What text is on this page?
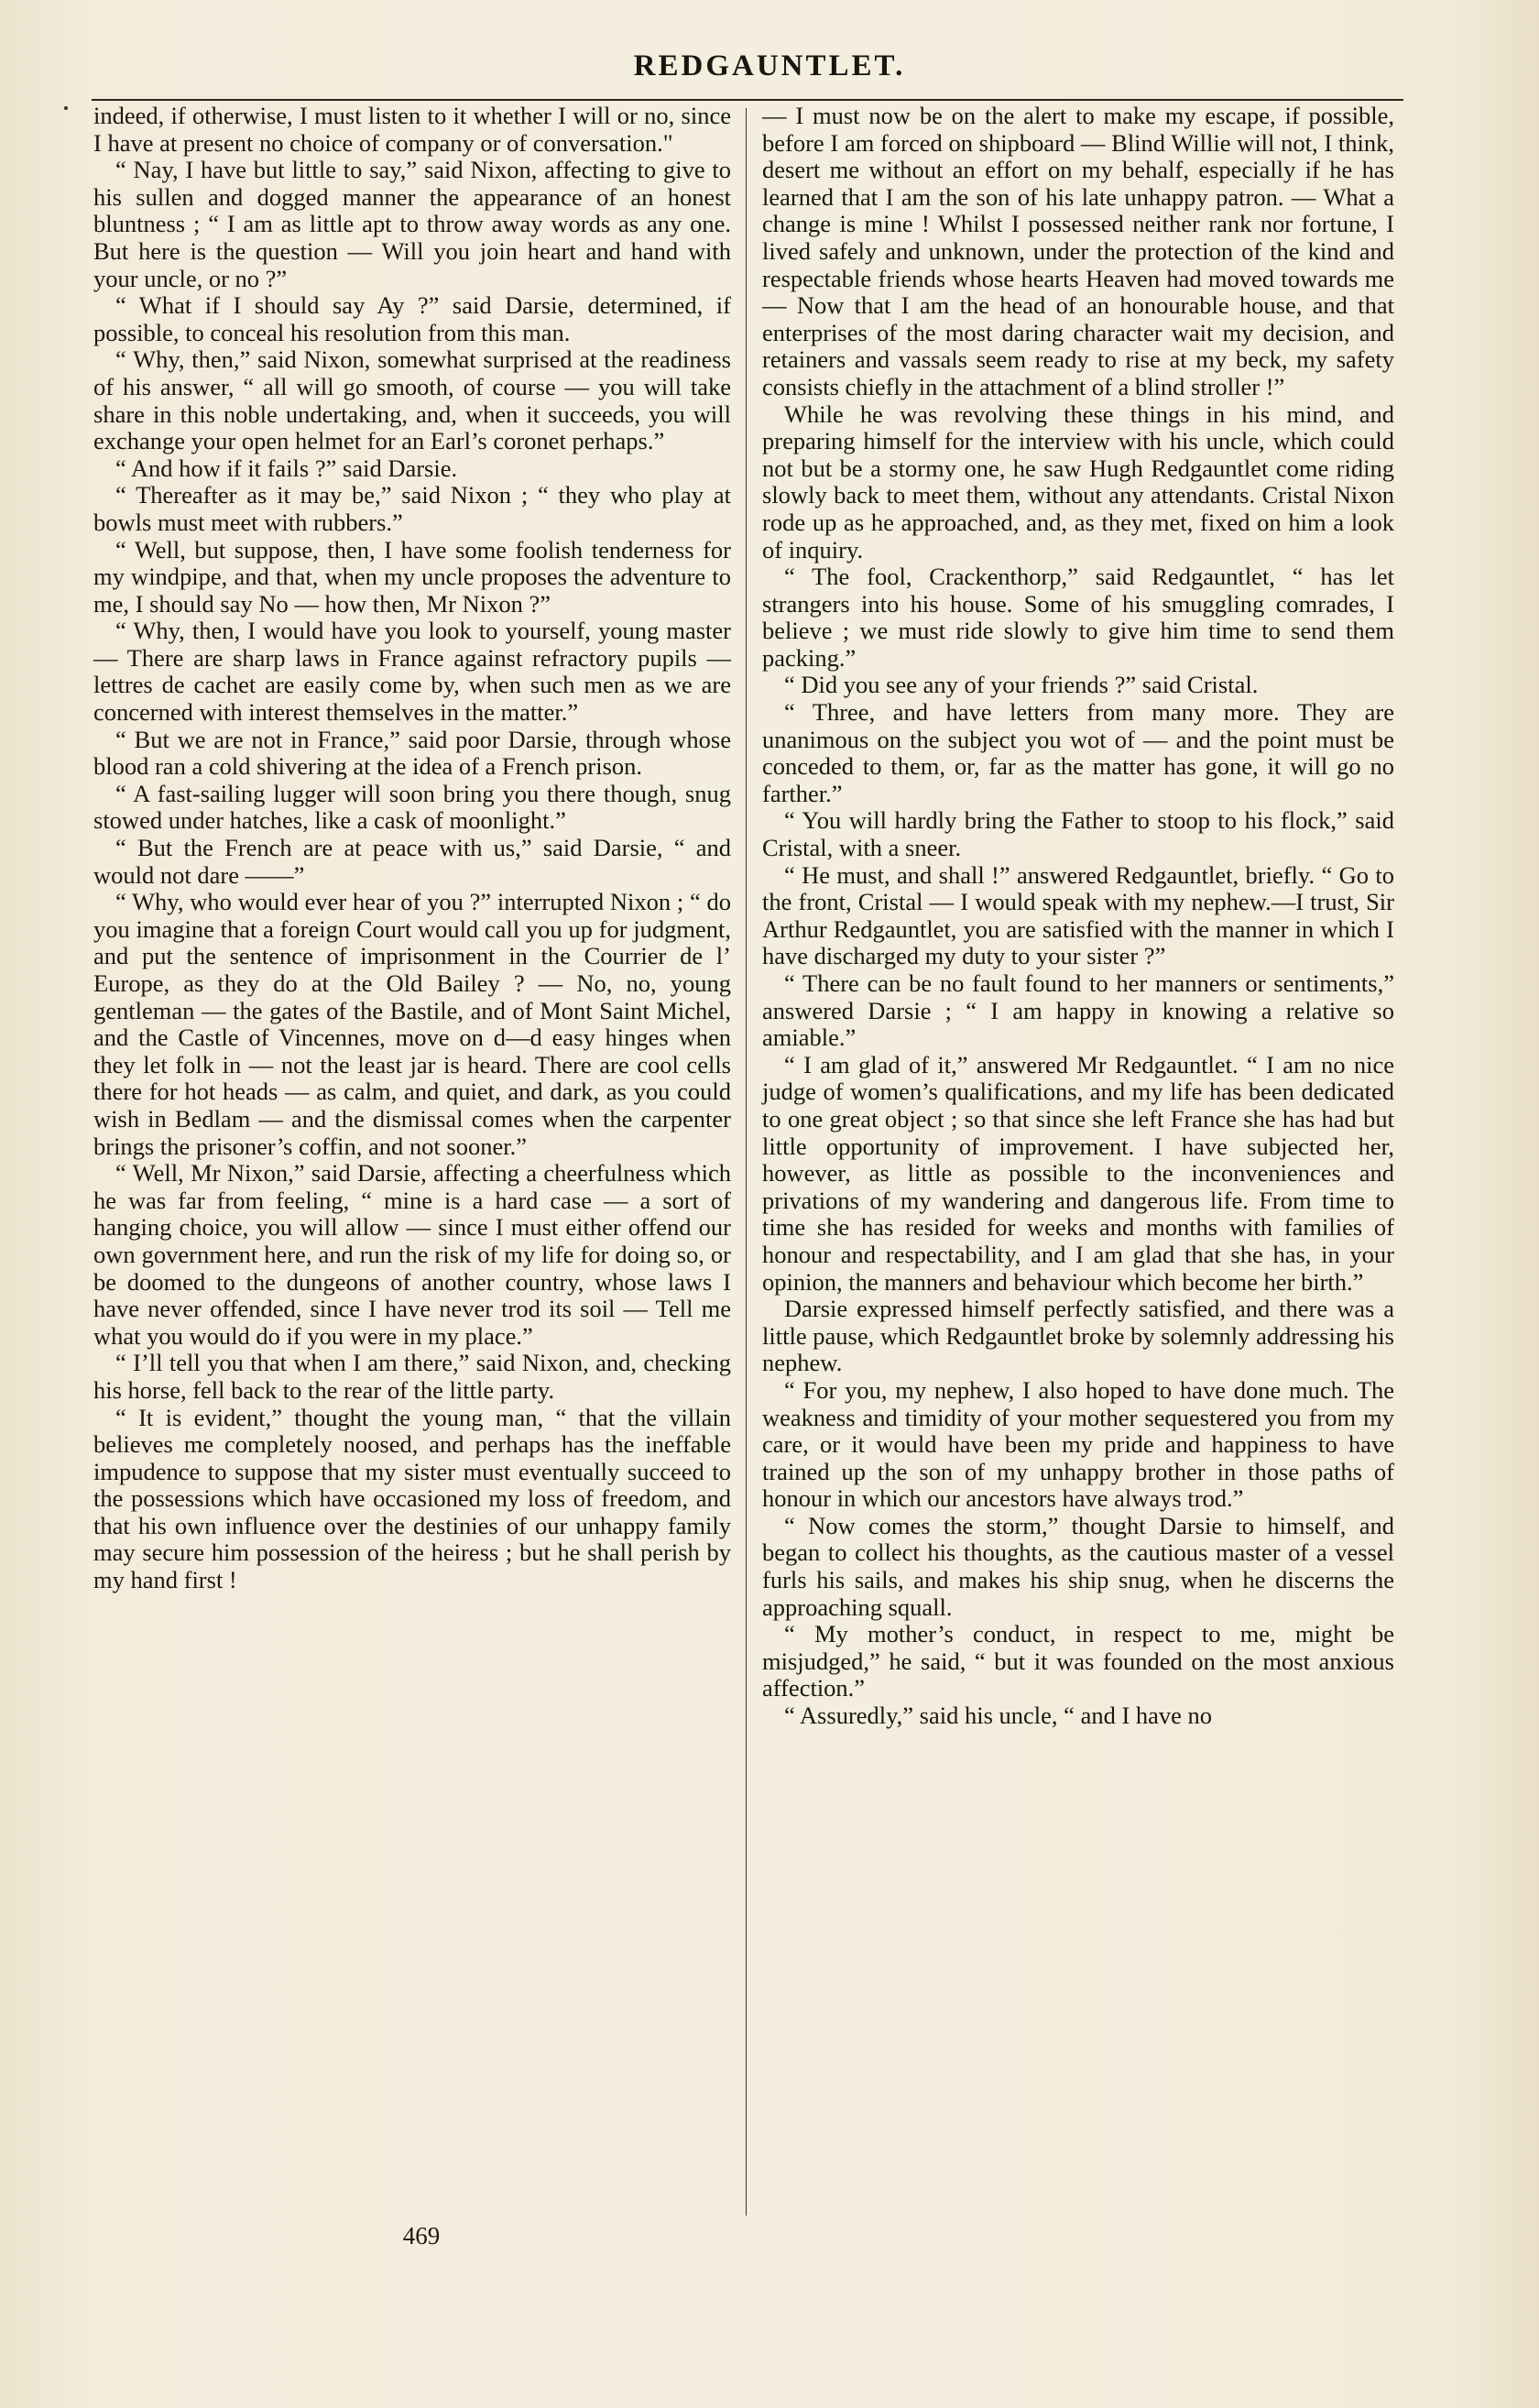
REDGAUNTLET.

indeed, if otherwise, I must listen to it whether I will or no, since I have at present no choice of company or of conversation."

“ Nay, I have but little to say,” said Nixon, affecting to give to his sullen and dogged manner the appearance of an honest bluntness ; “ I am as little apt to throw away words as any one. But here is the question — Will you join heart and hand with your uncle, or no ?”

“ What if I should say Ay ?” said Darsie, determined, if possible, to conceal his resolution from this man.

“ Why, then,” said Nixon, somewhat surprised at the readiness of his answer, “ all will go smooth, of course — you will take share in this noble undertaking, and, when it succeeds, you will exchange your open helmet for an Earl’s coronet perhaps.”

“ And how if it fails ?” said Darsie.

“ Thereafter as it may be,” said Nixon ; “ they who play at bowls must meet with rubbers.”

“ Well, but suppose, then, I have some foolish tenderness for my windpipe, and that, when my uncle proposes the adventure to me, I should say No — how then, Mr Nixon ?”

“ Why, then, I would have you look to yourself, young master — There are sharp laws in France against refractory pupils — lettres de cachet are easily come by, when such men as we are concerned with interest themselves in the matter.”

“ But we are not in France,” said poor Darsie, through whose blood ran a cold shivering at the idea of a French prison.

“ A fast-sailing lugger will soon bring you there though, snug stowed under hatches, like a cask of moonlight.”

“ But the French are at peace with us,” said Darsie, “ and would not dare ——”

“ Why, who would ever hear of you ?” interrupted Nixon ; “ do you imagine that a foreign Court would call you up for judgment, and put the sentence of imprisonment in the Courrier de l’ Europe, as they do at the Old Bailey ? — No, no, young gentleman — the gates of the Bastile, and of Mont Saint Michel, and the Castle of Vincennes, move on d—d easy hinges when they let folk in — not the least jar is heard. There are cool cells there for hot heads — as calm, and quiet, and dark, as you could wish in Bedlam — and the dismissal comes when the carpenter brings the prisoner’s coffin, and not sooner.”

“ Well, Mr Nixon,” said Darsie, affecting a cheerfulness which he was far from feeling, “ mine is a hard case — a sort of hanging choice, you will allow — since I must either offend our own government here, and run the risk of my life for doing so, or be doomed to the dungeons of another country, whose laws I have never offended, since I have never trod its soil — Tell me what you would do if you were in my place.”

“ I’ll tell you that when I am there,” said Nixon, and, checking his horse, fell back to the rear of the little party.

“ It is evident,” thought the young man, “ that the villain believes me completely noosed, and perhaps has the ineffable impudence to suppose that my sister must eventually succeed to the possessions which have occasioned my loss of freedom, and that his own influence over the destinies of our unhappy family may secure him possession of the heiress ; but he shall perish by my hand first !

— I must now be on the alert to make my escape, if possible, before I am forced on shipboard — Blind Willie will not, I think, desert me without an effort on my behalf, especially if he has learned that I am the son of his late unhappy patron. — What a change is mine ! Whilst I possessed neither rank nor fortune, I lived safely and unknown, under the protection of the kind and respectable friends whose hearts Heaven had moved towards me — Now that I am the head of an honourable house, and that enterprises of the most daring character wait my decision, and retainers and vassals seem ready to rise at my beck, my safety consists chiefly in the attachment of a blind stroller !”

While he was revolving these things in his mind, and preparing himself for the interview with his uncle, which could not but be a stormy one, he saw Hugh Redgauntlet come riding slowly back to meet them, without any attendants. Cristal Nixon rode up as he approached, and, as they met, fixed on him a look of inquiry.

“ The fool, Crackenthorp,” said Redgauntlet, “ has let strangers into his house. Some of his smuggling comrades, I believe ; we must ride slowly to give him time to send them packing.”

“ Did you see any of your friends ?” said Cristal.

“ Three, and have letters from many more. They are unanimous on the subject you wot of — and the point must be conceded to them, or, far as the matter has gone, it will go no farther.”

“ You will hardly bring the Father to stoop to his flock,” said Cristal, with a sneer.

“ He must, and shall !” answered Redgauntlet, briefly. “ Go to the front, Cristal — I would speak with my nephew.—I trust, Sir Arthur Redgauntlet, you are satisfied with the manner in which I have discharged my duty to your sister ?”

“ There can be no fault found to her manners or sentiments,” answered Darsie ; “ I am happy in knowing a relative so amiable.”

“ I am glad of it,” answered Mr Redgauntlet. “ I am no nice judge of women’s qualifications, and my life has been dedicated to one great object ; so that since she left France she has had but little opportunity of improvement. I have subjected her, however, as little as possible to the inconveniences and privations of my wandering and dangerous life. From time to time she has resided for weeks and months with families of honour and respectability, and I am glad that she has, in your opinion, the manners and behaviour which become her birth.”

Darsie expressed himself perfectly satisfied, and there was a little pause, which Redgauntlet broke by solemnly addressing his nephew.

“ For you, my nephew, I also hoped to have done much. The weakness and timidity of your mother sequestered you from my care, or it would have been my pride and happiness to have trained up the son of my unhappy brother in those paths of honour in which our ancestors have always trod.”

“ Now comes the storm,” thought Darsie to himself, and began to collect his thoughts, as the cautious master of a vessel furls his sails, and makes his ship snug, when he discerns the approaching squall.

“ My mother’s conduct, in respect to me, might be misjudged,” he said, “ but it was founded on the most anxious affection.”

“ Assuredly,” said his uncle, “ and I have no

469
